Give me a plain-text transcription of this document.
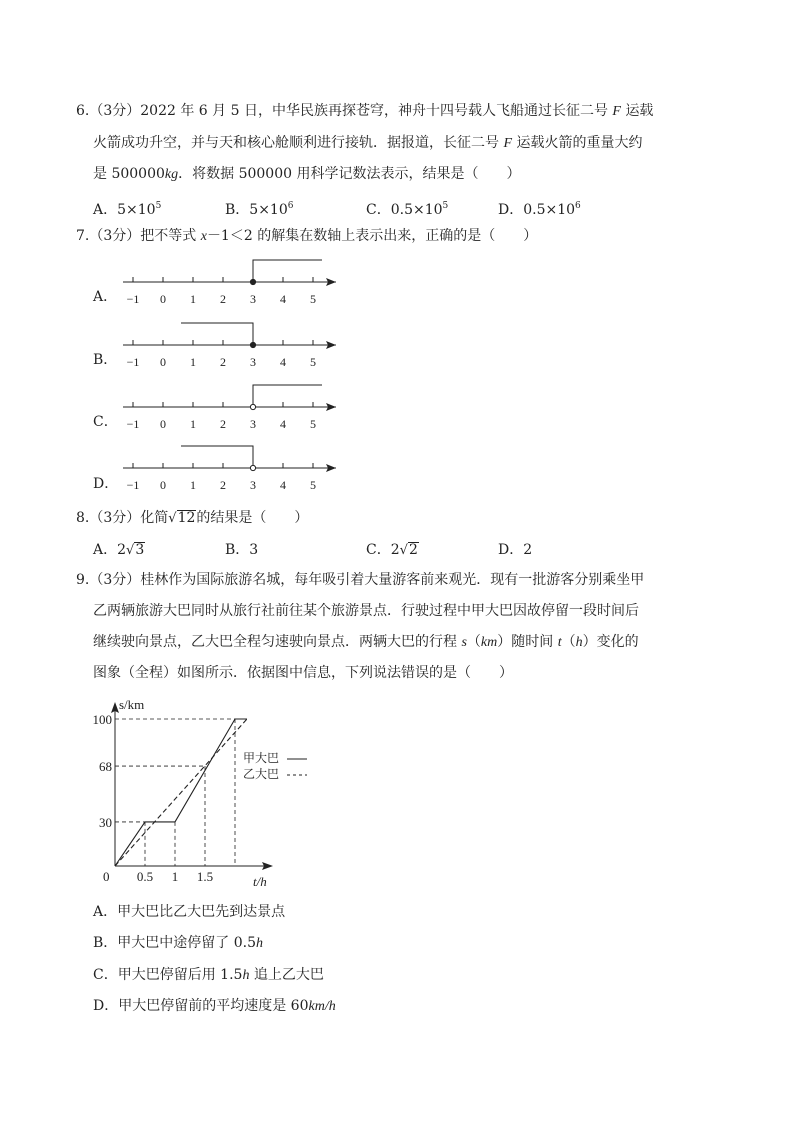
6.（3分）2022 年 6 月 5 日，中华民族再探苍穹，神舟十四号载人飞船通过长征二号 F 运载
火箭成功升空，并与天和核心舱顺利进行接轨．据报道，长征二号 F 运载火箭的重量大约
是 500000kg．将数据 500000 用科学记数法表示，结果是（　　）
A．$5\times 10^5$	B．$5\times 10^6$	C．$0.5\times 10^5$	D．$0.5\times 10^6$
7.（3分）把不等式 x－1＜2 的解集在数轴上表示出来，正确的是（　　）
A．
B．
C．
D．
−1 0 1 2 3 4 5
−1 0 1 2 3 4 5
−1 0 1 2 3 4 5
−1 0 1 2 3 4 5
8.（3分）化简√12的结果是（　　）
A．2√3	B．3	C．2√2	D．2
9.（3分）桂林作为国际旅游名城，每年吸引着大量游客前来观光．现有一批游客分别乘坐甲
乙两辆旅游大巴同时从旅行社前往某个旅游景点．行驶过程中甲大巴因故停留一段时间后
继续驶向景点，乙大巴全程匀速驶向景点．两辆大巴的行程 s（km）随时间 t（h）变化的
图象（全程）如图所示．依据图中信息，下列说法错误的是（　　）
s/km
t/h
0
30
68
100
0.5 1 1.5
甲大巴
乙大巴
A．甲大巴比乙大巴先到达景点
B．甲大巴中途停留了 0.5h
C．甲大巴停留后用 1.5h 追上乙大巴
D．甲大巴停留前的平均速度是 60km/h
